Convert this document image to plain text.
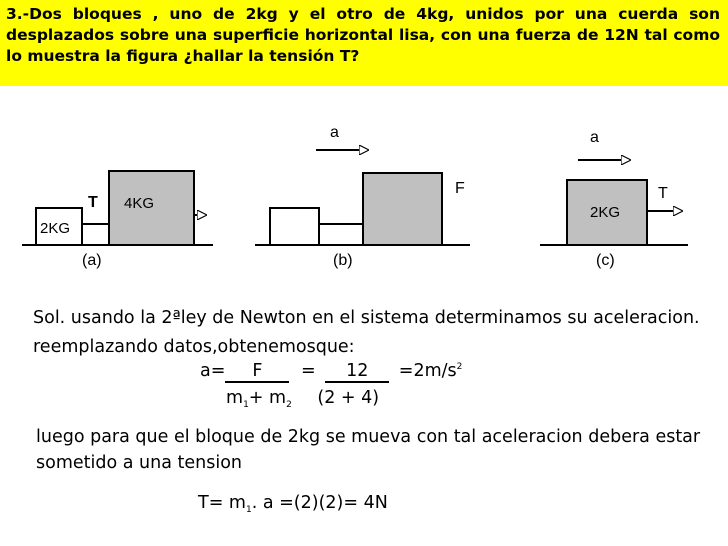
3.-Dos bloques , uno de 2kg y el otro de 4kg, unidos por una cuerda son desplazados sobre una superficie horizontal lisa, con una fuerza de 12N tal como lo muestra la figura ¿hallar la tensión T?

2KG
T 4KG
(a)
a
F
(b)
2KG
a
T
(c)

Sol. usando la 2ªley de Newton en el sistema determinamos su aceleracion.

reemplazando datos,obtenemosque:

$a= F = 12 =2m/s^2$

$m_1+ m_2$ (2 + 4)

luego para que el bloque de 2kg se mueva con tal aceleracion debera estar

sometido a una tension

$T= m_1$. a =(2)(2)= 4N
